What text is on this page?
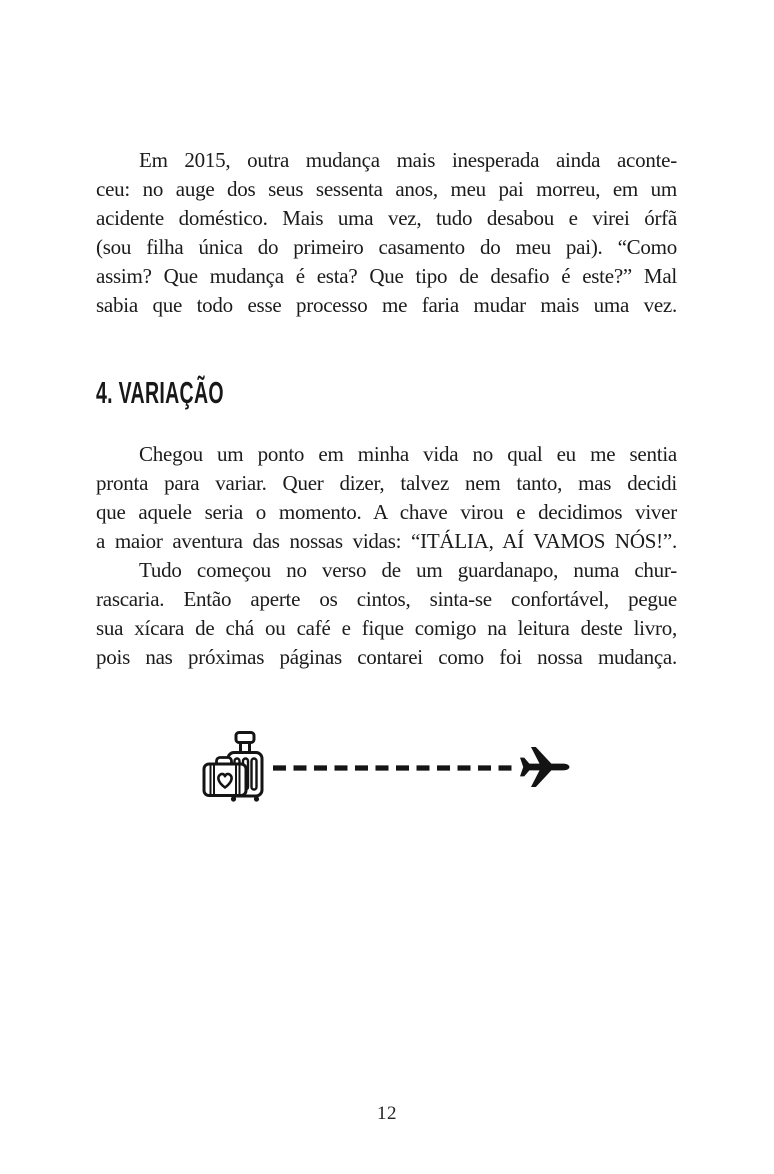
Em 2015, outra mudança mais inesperada ainda aconte-
ceu: no auge dos seus sessenta anos, meu pai morreu, em um
acidente doméstico. Mais uma vez, tudo desabou e virei órfã
(sou filha única do primeiro casamento do meu pai). “Como
assim? Que mudança é esta? Que tipo de desafio é este?” Mal
sabia que todo esse processo me faria mudar mais uma vez.
4. VARIAÇÃO
Chegou um ponto em minha vida no qual eu me sentia
pronta para variar. Quer dizer, talvez nem tanto, mas decidi
que aquele seria o momento. A chave virou e decidimos viver
a maior aventura das nossas vidas: “ITÁLIA, AÍ VAMOS NÓS!”.
Tudo começou no verso de um guardanapo, numa chur-
rascaria. Então aperte os cintos, sinta-se confortável, pegue
sua xícara de chá ou café e fique comigo na leitura deste livro,
pois nas próximas páginas contarei como foi nossa mudança.
12
